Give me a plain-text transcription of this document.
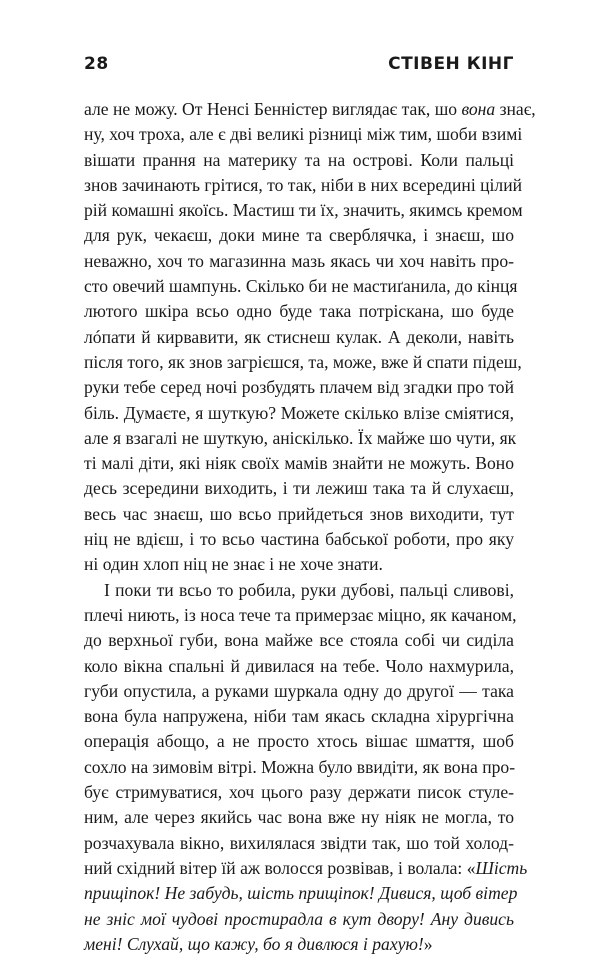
28	СТІВЕН КІНГ
але не можу. От Ненсі Бенністер виглядає так, шо вона знає,
ну, хоч троха, але є дві великі різниці між тим, шоби взимі
вішати прання на материку та на острові. Коли пальці
знов зачинають грітися, то так, ніби в них всередині цілий
рій комашні якоїсь. Мастиш ти їх, значить, якимсь кремом
для рук, чекаєш, доки мине та сверблячка, і знаєш, шо
неважно, хоч то магазинна мазь якась чи хоч навіть про-
сто овечий шампунь. Скілько би не мастиґанила, до кінця
лютого шкіра всьо одно буде така потріскана, шо буде
лóпати й кирвавити, як стиснеш кулак. А деколи, навіть
після того, як знов загрієшся, та, може, вже й спати підеш,
руки тебе серед ночі розбудять плачем від згадки про той
біль. Думаєте, я шуткую? Можете скілько влізе сміятися,
але я взагалі не шуткую, аніскілько. Їх майже шо чути, як
ті малі діти, які ніяк своїх мамів знайти не можуть. Воно
десь зсередини виходить, і ти лежиш така та й слухаєш,
весь час знаєш, шо всьо прийдеться знов виходити, тут
ніц не вдієш, і то всьо частина бабської роботи, про яку
ні один хлоп ніц не знає і не хоче знати.
І поки ти всьо то робила, руки дубові, пальці сливові,
плечі ниють, із носа тече та примерзає міцно, як качаном,
до верхньої губи, вона майже все стояла собі чи сиділа
коло вікна спальні й дивилася на тебе. Чоло нахмурила,
губи опустила, а руками шуркала одну до другої — така
вона була напружена, ніби там якась складна хірургічна
операція абощо, а не просто хтось вішає шмаття, шоб
сохло на зимовім вітрі. Можна було ввидіти, як вона про-
бує стримуватися, хоч цього разу держати писок стуле-
ним, але через якийсь час вона вже ну ніяк не могла, то
розчахувала вікно, вихилялася звідти так, шо той холод-
ний східний вітер їй аж волосся розвівав, і волала: «Шість
прищіпок! Не забудь, шість прищіпок! Дивися, щоб вітер
не зніс мої чудові простирадла в кут двору! Ану дивись
мені! Слухай, що кажу, бо я дивлюся і рахую!»
